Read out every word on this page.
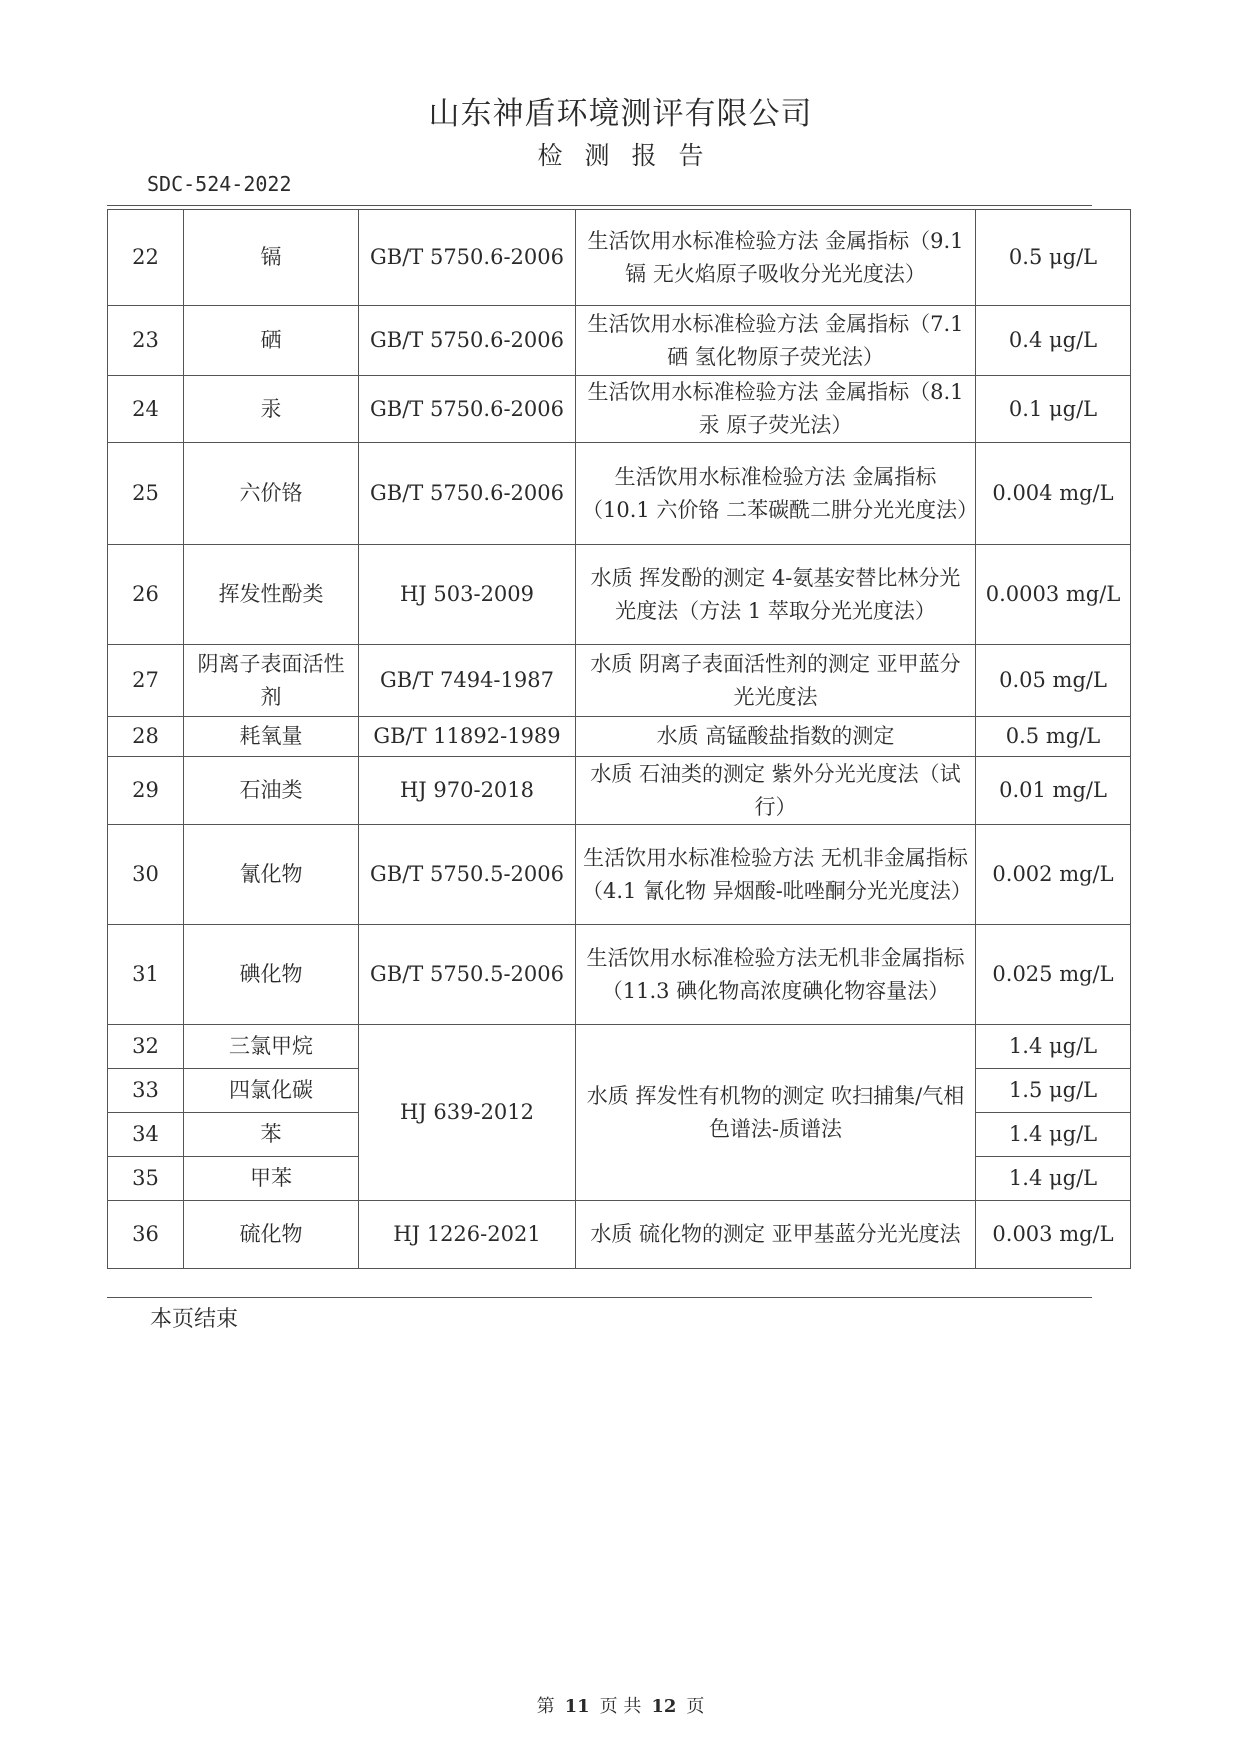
山东神盾环境测评有限公司
检测报告
SDC-524-2022
22	镉	GB/T 5750.6-2006	生活饮用水标准检验方法 金属指标（9.1 镉 无火焰原子吸收分光光度法）	0.5 μg/L
23	硒	GB/T 5750.6-2006	生活饮用水标准检验方法 金属指标（7.1 硒 氢化物原子荧光法）	0.4 μg/L
24	汞	GB/T 5750.6-2006	生活饮用水标准检验方法 金属指标（8.1 汞 原子荧光法）	0.1 μg/L
25	六价铬	GB/T 5750.6-2006	生活饮用水标准检验方法 金属指标（10.1 六价铬 二苯碳酰二肼分光光度法）	0.004 mg/L
26	挥发性酚类	HJ 503-2009	水质 挥发酚的测定 4-氨基安替比林分光光度法（方法 1 萃取分光光度法）	0.0003 mg/L
27	阴离子表面活性剂	GB/T 7494-1987	水质 阴离子表面活性剂的测定 亚甲蓝分光光度法	0.05 mg/L
28	耗氧量	GB/T 11892-1989	水质 高锰酸盐指数的测定	0.5 mg/L
29	石油类	HJ 970-2018	水质 石油类的测定 紫外分光光度法（试行）	0.01 mg/L
30	氰化物	GB/T 5750.5-2006	生活饮用水标准检验方法 无机非金属指标（4.1 氰化物 异烟酸-吡唑酮分光光度法）	0.002 mg/L
31	碘化物	GB/T 5750.5-2006	生活饮用水标准检验方法无机非金属指标（11.3 碘化物高浓度碘化物容量法）	0.025 mg/L
32	三氯甲烷	HJ 639-2012	水质 挥发性有机物的测定 吹扫捕集/气相色谱法-质谱法	1.4 μg/L
33	四氯化碳			1.5 μg/L
34	苯			1.4 μg/L
35	甲苯			1.4 μg/L
36	硫化物	HJ 1226-2021	水质 硫化物的测定 亚甲基蓝分光光度法	0.003 mg/L
本页结束
第 11 页 共 12 页
